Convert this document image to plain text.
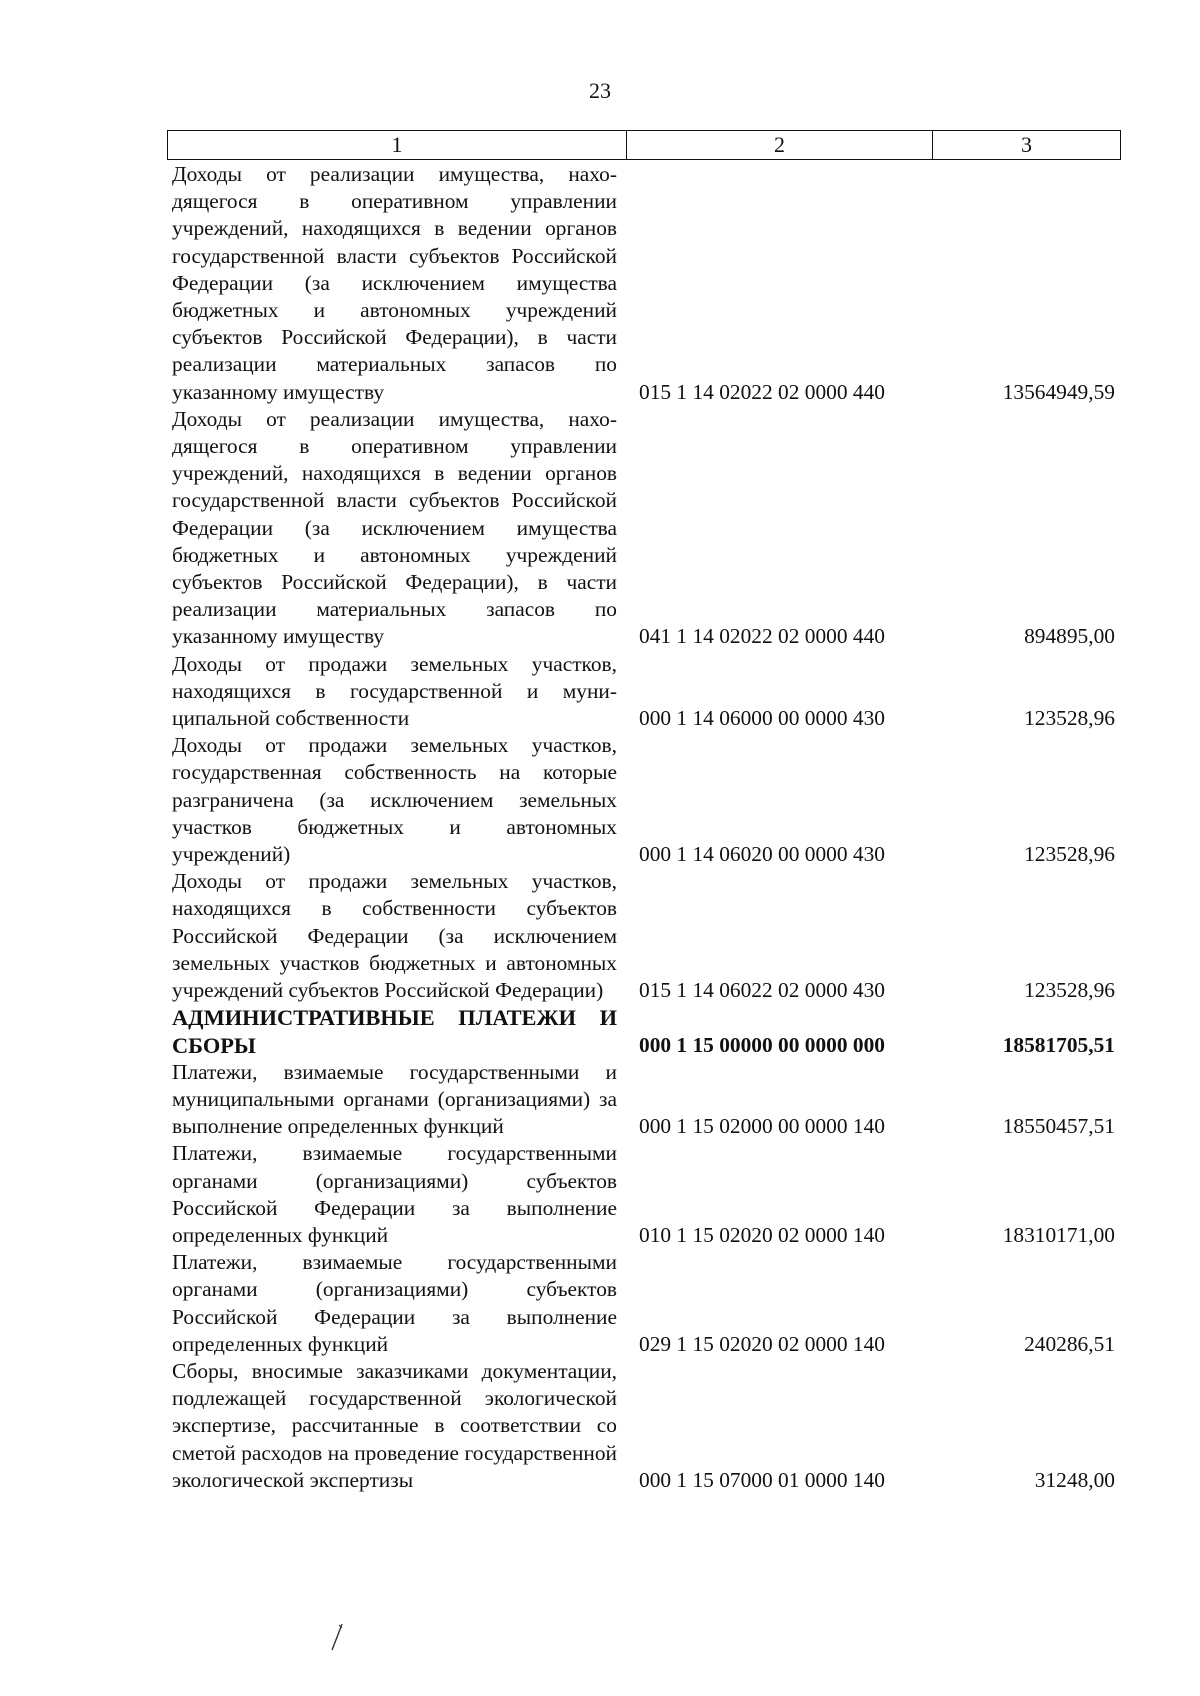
23
1	2	3
Доходы от реализации имущества, находящегося в оперативном управлении учреждений, находящихся в ведении органов государственной власти субъектов Российской Федерации (за исключением имущества бюджетных и автономных учреждений субъектов Российской Федерации), в части реализации материальных запасов по указанному имуществу	015 1 14 02022 02 0000 440	13564949,59
Доходы от реализации имущества, находящегося в оперативном управлении учреждений, находящихся в ведении органов государственной власти субъектов Российской Федерации (за исключением имущества бюджетных и автономных учреждений субъектов Российской Федерации), в части реализации материальных запасов по указанному имуществу	041 1 14 02022 02 0000 440	894895,00
Доходы от продажи земельных участков, находящихся в государственной и муниципальной собственности	000 1 14 06000 00 0000 430	123528,96
Доходы от продажи земельных участков, государственная собственность на которые разграничена (за исключением земельных участков бюджетных и автономных учреждений)	000 1 14 06020 00 0000 430	123528,96
Доходы от продажи земельных участков, находящихся в собственности субъектов Российской Федерации (за исключением земельных участков бюджетных и автономных учреждений субъектов Российской Федерации)	015 1 14 06022 02 0000 430	123528,96
АДМИНИСТРАТИВНЫЕ ПЛАТЕЖИ И СБОРЫ	000 1 15 00000 00 0000 000	18581705,51
Платежи, взимаемые государственными и муниципальными органами (организациями) за выполнение определенных функций	000 1 15 02000 00 0000 140	18550457,51
Платежи, взимаемые государственными органами (организациями) субъектов Российской Федерации за выполнение определенных функций	010 1 15 02020 02 0000 140	18310171,00
Платежи, взимаемые государственными органами (организациями) субъектов Российской Федерации за выполнение определенных функций	029 1 15 02020 02 0000 140	240286,51
Сборы, вносимые заказчиками документации, подлежащей государственной экологической экспертизе, рассчитанные в соответствии со сметой расходов на проведение государственной экологической экспертизы	000 1 15 07000 01 0000 140	31248,00
